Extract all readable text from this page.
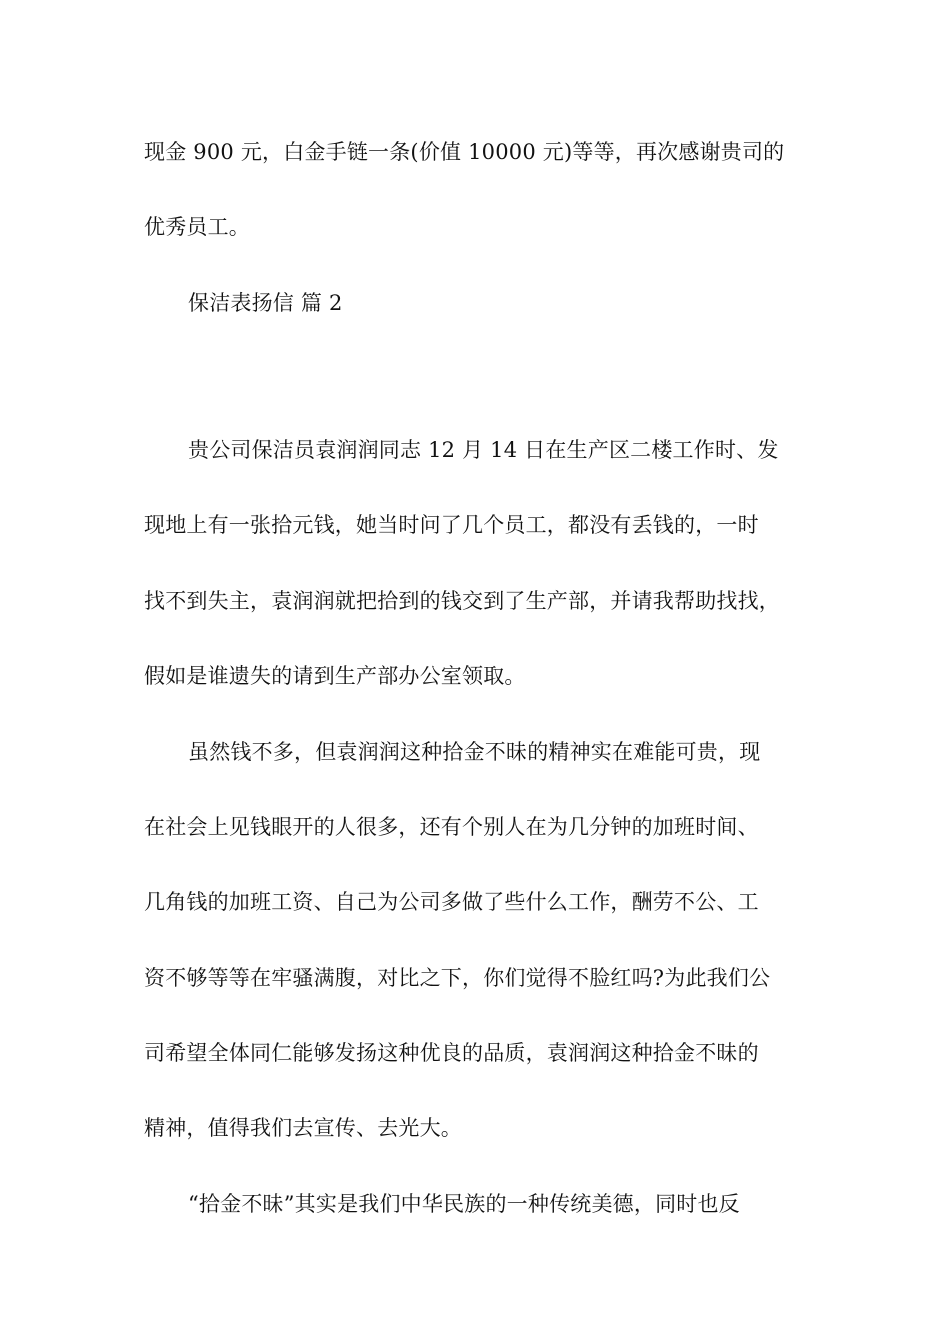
现金 900 元，白金手链一条(价值 10000 元)等等，再次感谢贵司的
优秀员工。
保洁表扬信 篇 2
贵公司保洁员袁润润同志 12 月 14 日在生产区二楼工作时、发
现地上有一张拾元钱，她当时问了几个员工，都没有丢钱的，一时
找不到失主，袁润润就把拾到的钱交到了生产部，并请我帮助找找，
假如是谁遗失的请到生产部办公室领取。
虽然钱不多，但袁润润这种拾金不昧的精神实在难能可贵，现
在社会上见钱眼开的人很多，还有个别人在为几分钟的加班时间、
几角钱的加班工资、自己为公司多做了些什么工作，酬劳不公、工
资不够等等在牢骚满腹，对比之下，你们觉得不脸红吗?为此我们公
司希望全体同仁能够发扬这种优良的品质，袁润润这种拾金不昧的
精神，值得我们去宣传、去光大。
“拾金不昧”其实是我们中华民族的一种传统美德，同时也反
